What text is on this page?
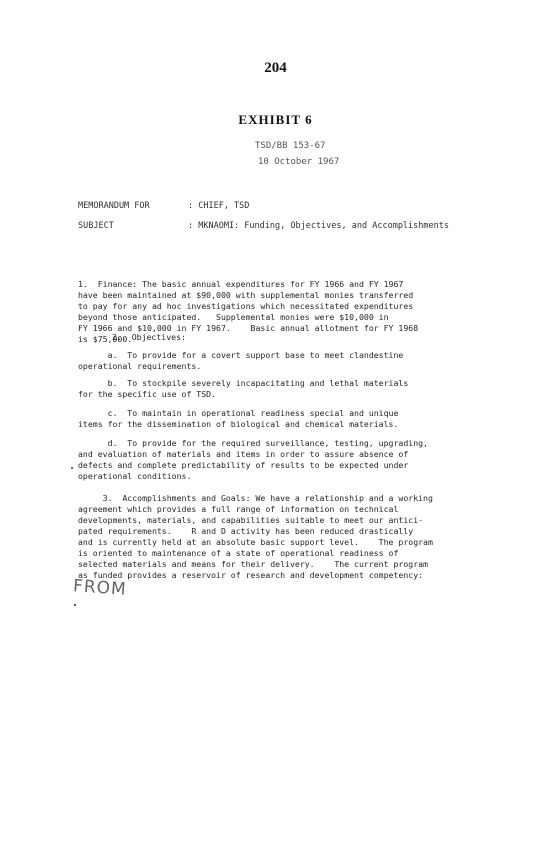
204
EXHIBIT 6
TSD/BB 153-67
10 October 1967
MEMORANDUM FOR	: CHIEF, TSD
SUBJECT	: MKNAOMI: Funding, Objectives, and Accomplishments
1.  Finance: The basic annual expenditures for FY 1966 and FY 1967
have been maintained at $90,000 with supplemental monies transferred
to pay for any ad hoc investigations which necessitated expenditures
beyond those anticipated.   Supplemental monies were $10,000 in
FY 1966 and $10,000 in FY 1967.    Basic annual allotment for FY 1968
is $75,000.
2.  Objectives:
a.  To provide for a covert support base to meet clandestine
operational requirements.
b.  To stockpile severely incapacitating and lethal materials
for the specific use of TSD.
c.  To maintain in operational readiness special and unique
items for the dissemination of biological and chemical materials.
d.  To provide for the required surveillance, testing, upgrading,
and evaluation of materials and items in order to assure absence of
defects and complete predictability of results to be expected under
operational conditions.
3.  Accomplishments and Goals: We have a relationship and a working
agreement which provides a full range of information on technical
developments, materials, and capabilities suitable to meet our antici-
pated requirements.    R and D activity has been reduced drastically
and is currently held at an absolute basic support level.    The program
is oriented to maintenance of a state of operational readiness of
selected materials and means for their delivery.    The current program
as funded provides a reservoir of research and development competency:
FROM
